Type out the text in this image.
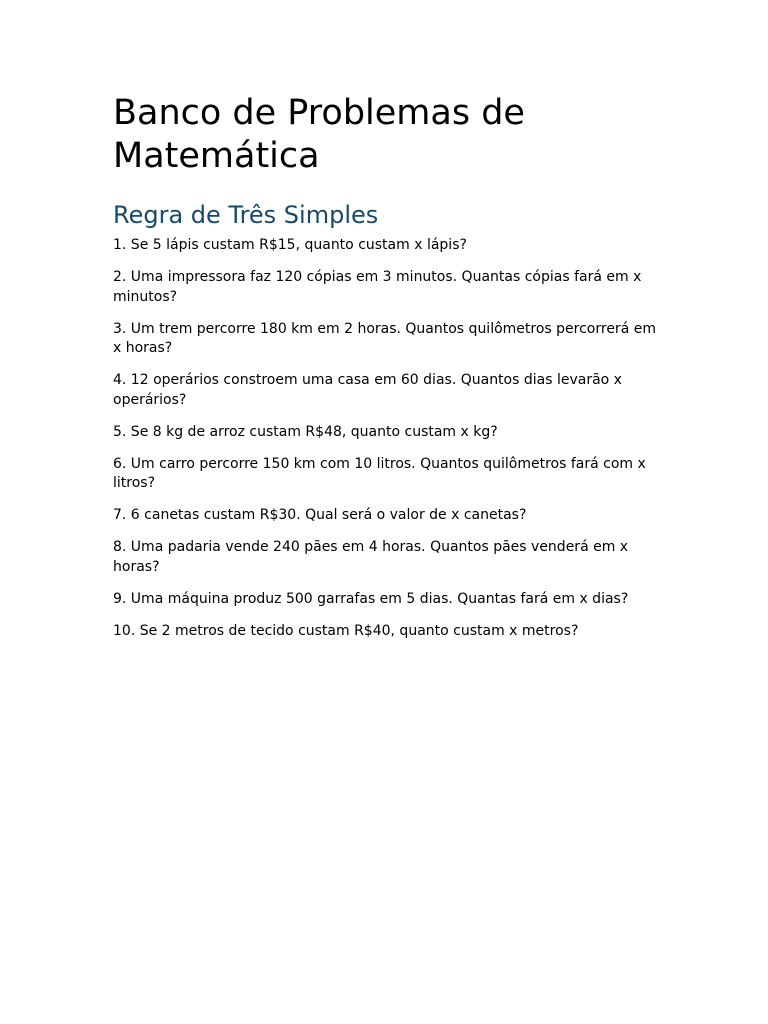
Banco de Problemas de Matemática
Regra de Três Simples
1. Se 5 lápis custam R$15, quanto custam x lápis?
2. Uma impressora faz 120 cópias em 3 minutos. Quantas cópias fará em x minutos?
3. Um trem percorre 180 km em 2 horas. Quantos quilômetros percorrerá em x horas?
4. 12 operários constroem uma casa em 60 dias. Quantos dias levarão x operários?
5. Se 8 kg de arroz custam R$48, quanto custam x kg?
6. Um carro percorre 150 km com 10 litros. Quantos quilômetros fará com x litros?
7. 6 canetas custam R$30. Qual será o valor de x canetas?
8. Uma padaria vende 240 pães em 4 horas. Quantos pães venderá em x horas?
9. Uma máquina produz 500 garrafas em 5 dias. Quantas fará em x dias?
10. Se 2 metros de tecido custam R$40, quanto custam x metros?
